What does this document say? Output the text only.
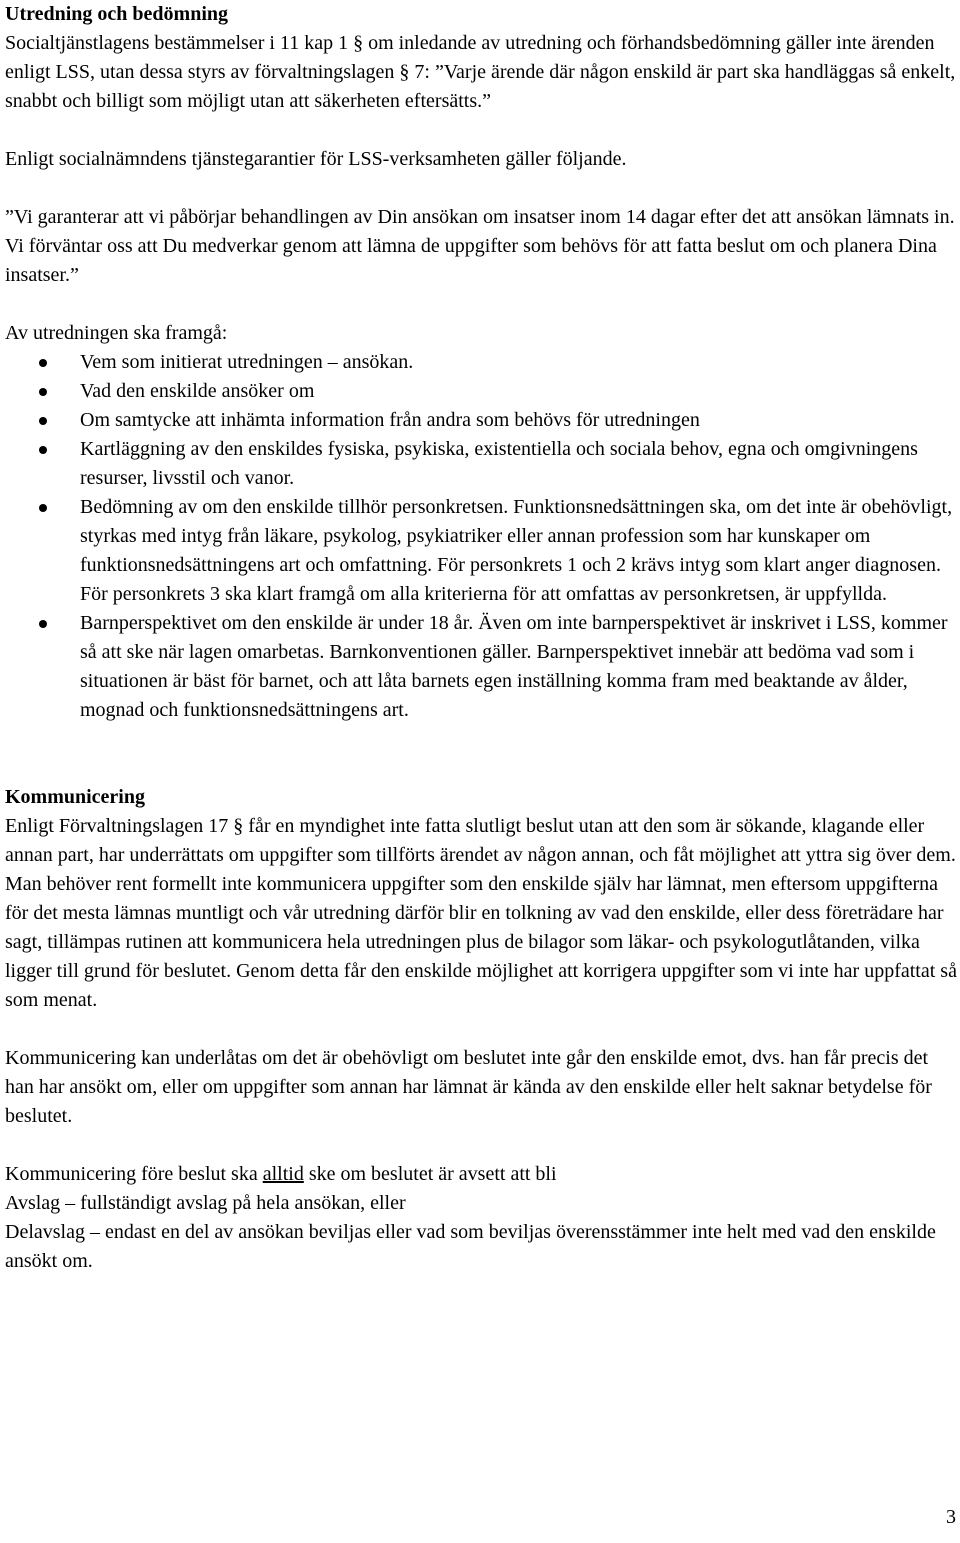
Utredning och bedömning

Socialtjänstlagens bestämmelser i 11 kap 1 § om inledande av utredning och förhandsbedömning gäller inte ärenden enligt LSS, utan dessa styrs av förvaltningslagen § 7: ”Varje ärende där någon enskild är part ska handläggas så enkelt, snabbt och billigt som möjligt utan att säkerheten eftersätts.”

Enligt socialnämndens tjänstegarantier för LSS-verksamheten gäller följande.

”Vi garanterar att vi påbörjar behandlingen av Din ansökan om insatser inom 14 dagar efter det att ansökan lämnats in. Vi förväntar oss att Du medverkar genom att lämna de uppgifter som behövs för att fatta beslut om och planera Dina insatser.”

Av utredningen ska framgå:

Vem som initierat utredningen – ansökan.
Vad den enskilde ansöker om
Om samtycke att inhämta information från andra som behövs för utredningen
Kartläggning av den enskildes fysiska, psykiska, existentiella och sociala behov, egna och omgivningens resurser, livsstil och vanor.
Bedömning av om den enskilde tillhör personkretsen. Funktionsnedsättningen ska, om det inte är obehövligt, styrkas med intyg från läkare, psykolog, psykiatriker eller annan profession som har kunskaper om funktionsnedsättningens art och omfattning. För personkrets 1 och 2 krävs intyg som klart anger diagnosen. För personkrets 3 ska klart framgå om alla kriterierna för att omfattas av personkretsen, är uppfyllda.
Barnperspektivet om den enskilde är under 18 år. Även om inte barnperspektivet är inskrivet i LSS, kommer så att ske när lagen omarbetas. Barnkonventionen gäller. Barnperspektivet innebär att bedöma vad som i situationen är bäst för barnet, och att låta barnets egen inställning komma fram med beaktande av ålder, mognad och funktionsnedsättningens art.

Kommunicering

Enligt Förvaltningslagen 17 § får en myndighet inte fatta slutligt beslut utan att den som är sökande, klagande eller annan part, har underrättats om uppgifter som tillförts ärendet av någon annan, och fåt möjlighet att yttra sig över dem.

Man behöver rent formellt inte kommunicera uppgifter som den enskilde själv har lämnat, men eftersom uppgifterna för det mesta lämnas muntligt och vår utredning därför blir en tolkning av vad den enskilde, eller dess företrädare har sagt, tillämpas rutinen att kommunicera hela utredningen plus de bilagor som läkar- och psykologutlåtanden, vilka ligger till grund för beslutet. Genom detta får den enskilde möjlighet att korrigera uppgifter som vi inte har uppfattat så som menat.

Kommunicering kan underlåtas om det är obehövligt om beslutet inte går den enskilde emot, dvs. han får precis det han har ansökt om, eller om uppgifter som annan har lämnat är kända av den enskilde eller helt saknar betydelse för beslutet.

Kommunicering före beslut ska alltid ske om beslutet är avsett att bli

Avslag – fullständigt avslag på hela ansökan, eller

Delavslag – endast en del av ansökan beviljas eller vad som beviljas överensstämmer inte helt med vad den enskilde ansökt om.

3
